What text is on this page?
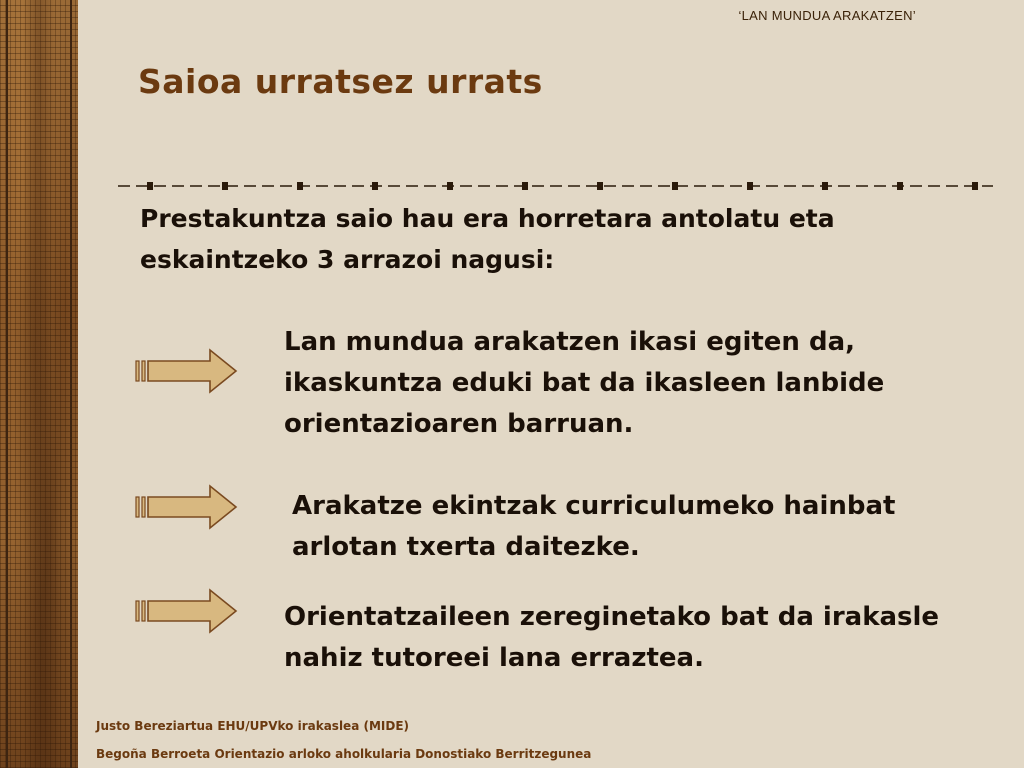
‘LAN MUNDUA ARAKATZEN’
Saioa urratsez urrats

Prestakuntza saio hau era horretara antolatu eta eskaintzeko 3 arrazoi nagusi:

Lan mundua arakatzen ikasi egiten da, ikaskuntza eduki bat da ikasleen lanbide orientazioaren barruan.

Arakatze ekintzak curriculumeko hainbat arlotan txerta daitezke.

Orientatzaileen zereginetako bat da irakasle nahiz tutoreei lana erraztea.

Justo Bereziartua EHU/UPVko irakaslea (MIDE)

Begoña Berroeta Orientazio arloko aholkularia Donostiako Berritzegunea
